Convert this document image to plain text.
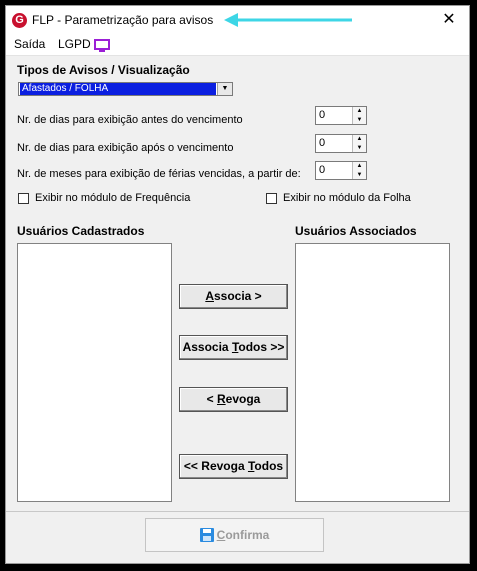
G FLP - Parametrização para avisos	✕
Saída LGPD
Tipos de Avisos / Visualização
Afastados / FOLHA	▼
Nr. de dias para exibição antes do vencimento	0	▲
▼
Nr. de dias para exibição após o vencimento	0	▲
▼
Nr. de meses para exibição de férias vencidas, a partir de: 0	▲
▼
Exibir no módulo de Frequência	Exibir no módulo da Folha
Usuários Cadastrados	Usuários Associados
Associa >
Associa Todos >>
< Revoga
<< Revoga Todos
Confirma
